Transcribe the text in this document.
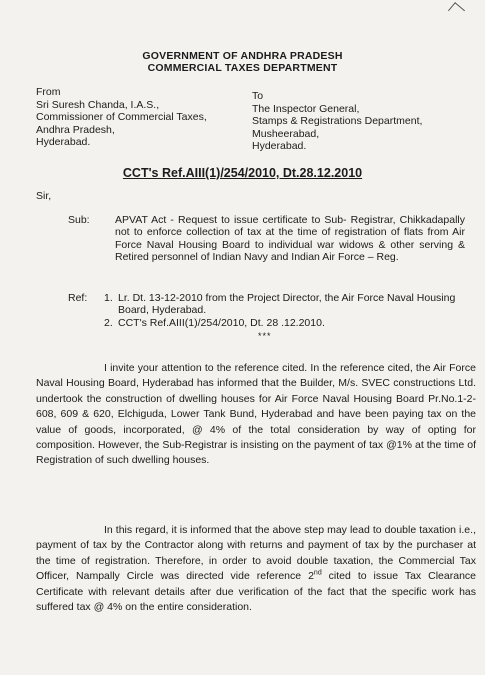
GOVERNMENT OF ANDHRA PRADESH
COMMERCIAL TAXES DEPARTMENT
From
Sri Suresh Chanda, I.A.S.,
Commissioner of Commercial Taxes,
Andhra Pradesh,
Hyderabad.
To
The Inspector General,
Stamps & Registrations Department,
Musheerabad,
Hyderabad.
CCT's Ref.AIII(1)/254/2010, Dt.28.12.2010
Sir,
Sub: APVAT Act - Request to issue certificate to Sub- Registrar, Chikkadapally not to enforce collection of tax at the time of registration of flats from Air Force Naval Housing Board to individual war widows & other serving & Retired personnel of Indian Navy and Indian Air Force – Reg.
Ref: 1. Lr. Dt. 13-12-2010 from the Project Director, the Air Force Naval Housing Board, Hyderabad.
2. CCT's Ref.AIII(1)/254/2010, Dt. 28 .12.2010.
***
I invite your attention to the reference cited. In the reference cited, the Air Force Naval Housing Board, Hyderabad has informed that the Builder, M/s. SVEC constructions Ltd. undertook the construction of dwelling houses for Air Force Naval Housing Board Pr.No.1-2-608, 609 & 620, Elchiguda, Lower Tank Bund, Hyderabad and have been paying tax on the value of goods, incorporated, @ 4% of the total consideration by way of opting for composition. However, the Sub-Registrar is insisting on the payment of tax @1% at the time of Registration of such dwelling houses.
In this regard, it is informed that the above step may lead to double taxation i.e., payment of tax by the Contractor along with returns and payment of tax by the purchaser at the time of registration. Therefore, in order to avoid double taxation, the Commercial Tax Officer, Nampally Circle was directed vide reference 2nd cited to issue Tax Clearance Certificate with relevant details after due verification of the fact that the specific work has suffered tax @ 4% on the entire consideration.
